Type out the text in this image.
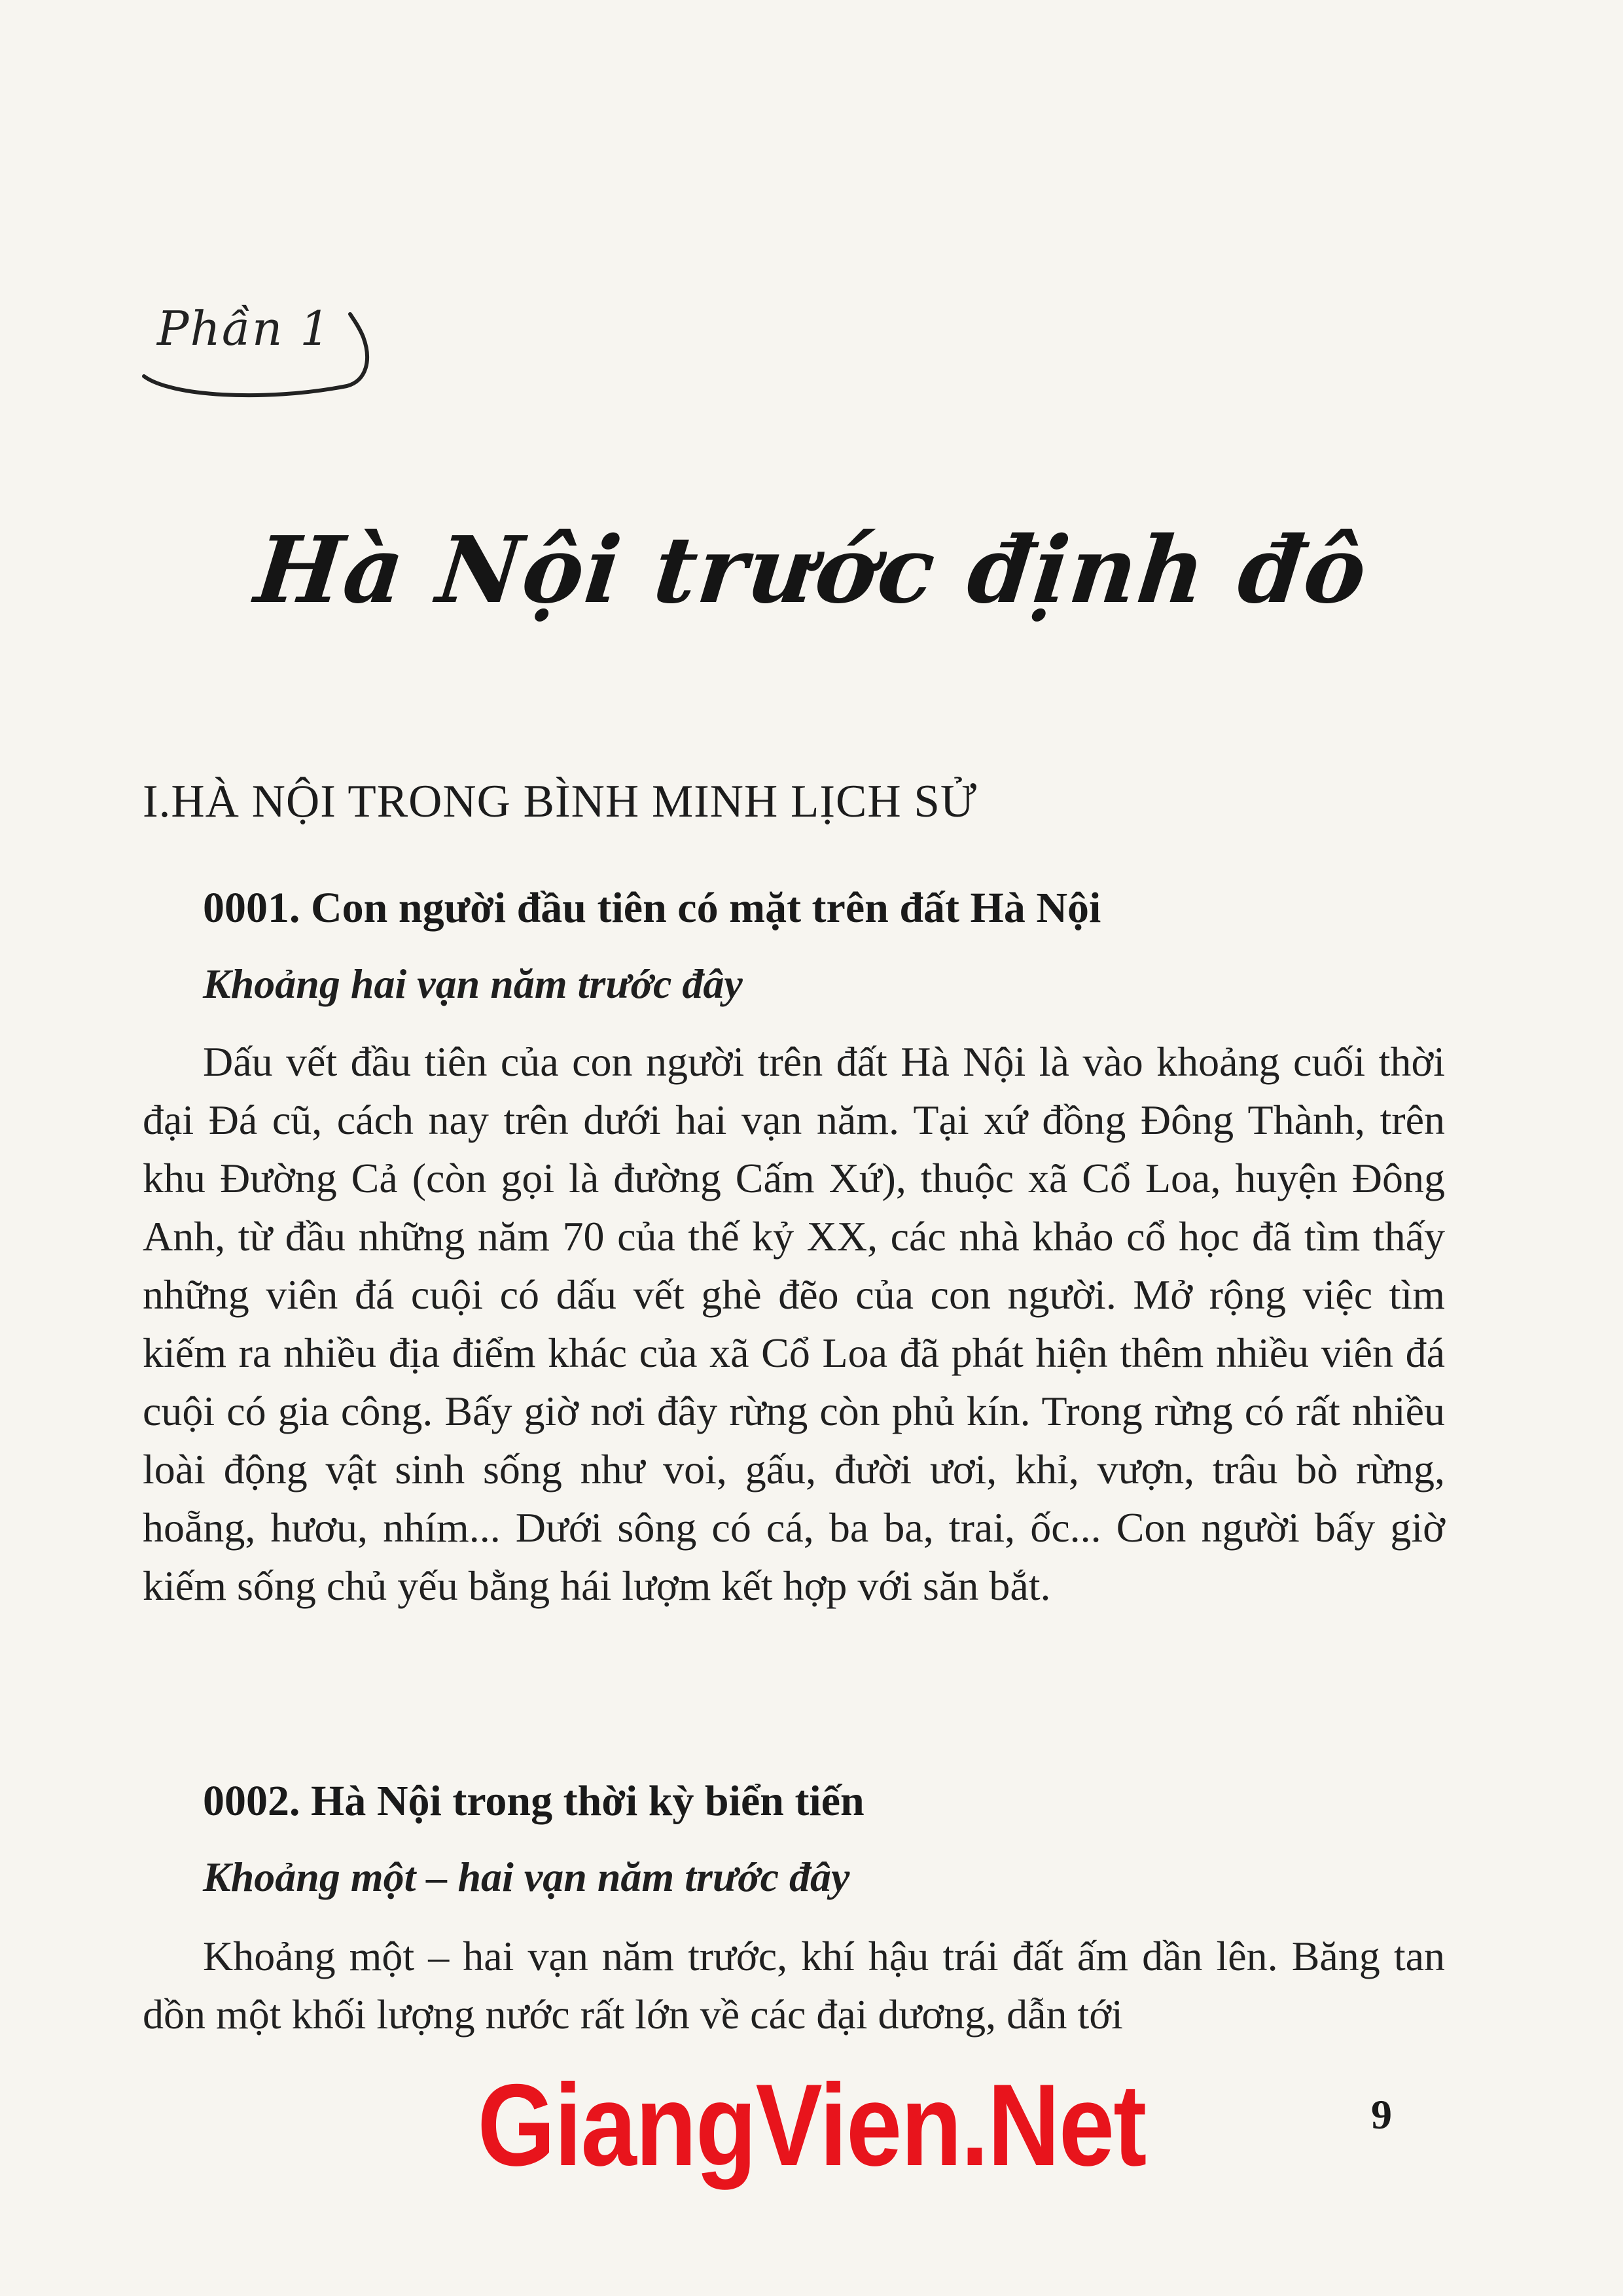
Phần 1
Hà Nội trước định đô
I.HÀ NỘI TRONG BÌNH MINH LỊCH SỬ
0001. Con người đầu tiên có mặt trên đất Hà Nội
Khoảng hai vạn năm trước đây

Dấu vết đầu tiên của con người trên đất Hà Nội là vào khoảng cuối thời đại Đá cũ, cách nay trên dưới hai vạn năm. Tại xứ đồng Đông Thành, trên khu Đường Cả (còn gọi là đường Cấm Xứ), thuộc xã Cổ Loa, huyện Đông Anh, từ đầu những năm 70 của thế kỷ XX, các nhà khảo cổ học đã tìm thấy những viên đá cuội có dấu vết ghè đẽo của con người. Mở rộng việc tìm kiếm ra nhiều địa điểm khác của xã Cổ Loa đã phát hiện thêm nhiều viên đá cuội có gia công. Bấy giờ nơi đây rừng còn phủ kín. Trong rừng có rất nhiều loài động vật sinh sống như voi, gấu, đười ươi, khỉ, vượn, trâu bò rừng, hoẵng, hươu, nhím... Dưới sông có cá, ba ba, trai, ốc... Con người bấy giờ kiếm sống chủ yếu bằng hái lượm kết hợp với săn bắt.

0002. Hà Nội trong thời kỳ biển tiến
Khoảng một – hai vạn năm trước đây

Khoảng một – hai vạn năm trước, khí hậu trái đất ấm dần lên. Băng tan dồn một khối lượng nước rất lớn về các đại dương, dẫn tới

GiangVien.Net	9
